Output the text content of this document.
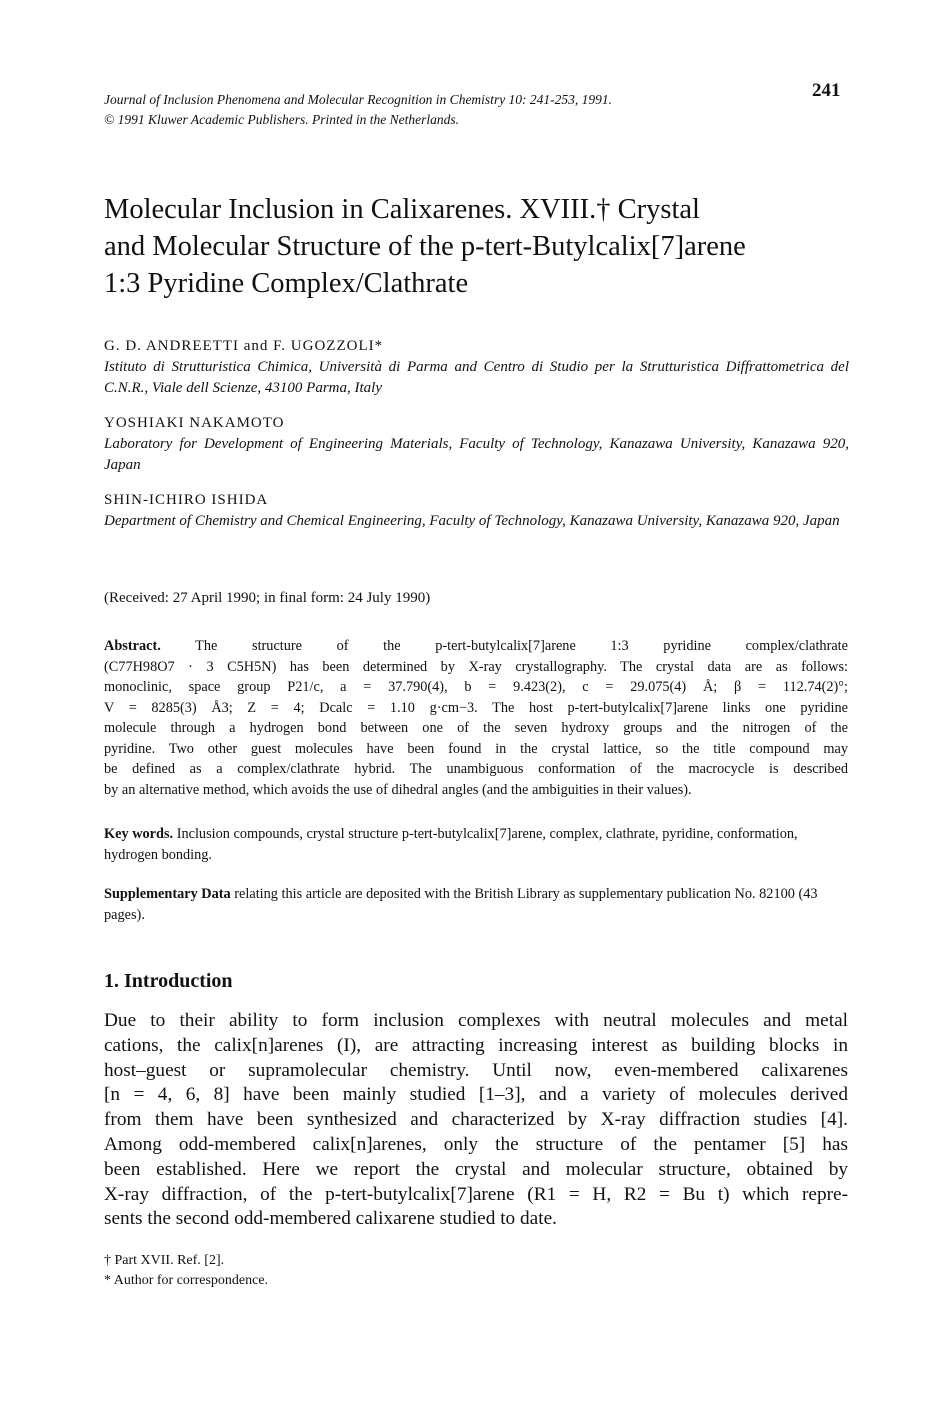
Journal of Inclusion Phenomena and Molecular Recognition in Chemistry 10: 241-253, 1991.
© 1991 Kluwer Academic Publishers. Printed in the Netherlands.
241
Molecular Inclusion in Calixarenes. XVIII.† Crystal
and Molecular Structure of the p-tert-Butylcalix[7]arene
1:3 Pyridine Complex/Clathrate
G. D. ANDREETTI and F. UGOZZOLI*
Istituto di Strutturistica Chimica, Università di Parma and Centro di Studio per la Strutturistica Diffrattometrica del C.N.R., Viale dell Scienze, 43100 Parma, Italy
YOSHIAKI NAKAMOTO
Laboratory for Development of Engineering Materials, Faculty of Technology, Kanazawa University, Kanazawa 920, Japan
SHIN-ICHIRO ISHIDA
Department of Chemistry and Chemical Engineering, Faculty of Technology, Kanazawa University, Kanazawa 920, Japan
(Received: 27 April 1990; in final form: 24 July 1990)
Abstract. The structure of the p-tert-butylcalix[7]arene 1:3 pyridine complex/clathrate
(C77H98O7 · 3 C5H5N) has been determined by X-ray crystallography. The crystal data are as follows:
monoclinic, space group P21/c, a = 37.790(4), b = 9.423(2), c = 29.075(4) Å; β = 112.74(2)°;
V = 8285(3) Å3; Z = 4; Dcalc = 1.10 g·cm−3. The host p-tert-butylcalix[7]arene links one pyridine
molecule through a hydrogen bond between one of the seven hydroxy groups and the nitrogen of the
pyridine. Two other guest molecules have been found in the crystal lattice, so the title compound may
be defined as a complex/clathrate hybrid. The unambiguous conformation of the macrocycle is described
by an alternative method, which avoids the use of dihedral angles (and the ambiguities in their values).
Key words. Inclusion compounds, crystal structure p-tert-butylcalix[7]arene, complex, clathrate, pyridine, conformation, hydrogen bonding.
Supplementary Data relating this article are deposited with the British Library as supplementary publication No. 82100 (43 pages).
1. Introduction
Due to their ability to form inclusion complexes with neutral molecules and metal
cations, the calix[n]arenes (I), are attracting increasing interest as building blocks in
host–guest or supramolecular chemistry. Until now, even-membered calixarenes
[n = 4, 6, 8] have been mainly studied [1–3], and a variety of molecules derived
from them have been synthesized and characterized by X-ray diffraction studies [4].
Among odd-membered calix[n]arenes, only the structure of the pentamer [5] has
been established. Here we report the crystal and molecular structure, obtained by
X-ray diffraction, of the p-tert-butylcalix[7]arene (R1 = H, R2 = Bu t) which repre-
sents the second odd-membered calixarene studied to date.
† Part XVII. Ref. [2].
* Author for correspondence.
